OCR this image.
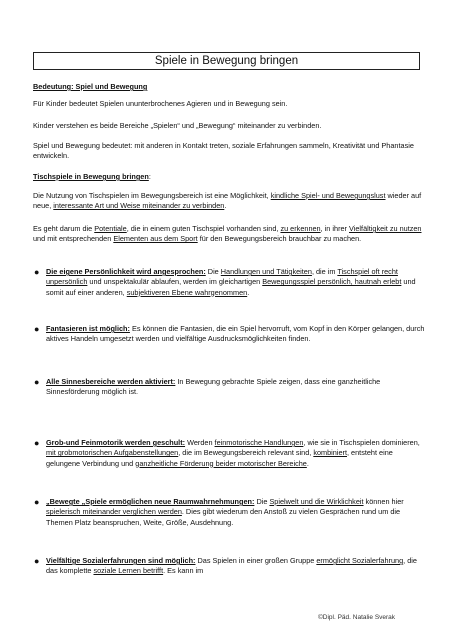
Spiele in Bewegung bringen
Bedeutung: Spiel und Bewegung
Für Kinder bedeutet Spielen ununterbrochenes Agieren und in Bewegung sein.
Kinder verstehen es beide Bereiche „Spielen“ und „Bewegung“ miteinander zu verbinden.
Spiel und Bewegung bedeutet: mit anderen in Kontakt treten, soziale Erfahrungen sammeln, Kreativität und Phantasie entwickeln.
Tischspiele in Bewegung bringen:
Die Nutzung von Tischspielen im Bewegungsbereich ist eine Möglichkeit, kindliche Spiel- und Bewegungslust wieder auf neue, interessante Art und Weise miteinander zu verbinden.
Es geht darum die Potentiale, die in einem guten Tischspiel vorhanden sind, zu erkennen, in ihrer Vielfältigkeit zu nutzen und mit entsprechenden Elementen aus dem Sport für den Bewegungsbereich brauchbar zu machen.
● Die eigene Persönlichkeit wird angesprochen: Die Handlungen und Tätigkeiten, die im Tischspiel oft recht unpersönlich und unspektakulär ablaufen, werden im gleichartigen Bewegungsspiel persönlich, hautnah erlebt und somit auf einer anderen, subjektiveren Ebene wahrgenommen.
● Fantasieren ist möglich: Es können die Fantasien, die ein Spiel hervorruft, vom Kopf in den Körper gelangen, durch aktives Handeln umgesetzt werden und vielfältige Ausdrucksmöglichkeiten finden.
● Alle Sinnesbereiche werden aktiviert: In Bewegung gebrachte Spiele zeigen, dass eine ganzheitliche Sinnesförderung möglich ist.
● Grob-und Feinmotorik werden geschult: Werden feinmotorische Handlungen, wie sie in Tischspielen dominieren, mit grobmotorischen Aufgabenstellungen, die im Bewegungsbereich relevant sind, kombiniert, entsteht eine gelungene Verbindung und ganzheitliche Förderung beider motorischer Bereiche.
● „Bewegte „Spiele ermöglichen neue Raumwahrnehmungen: Die Spielwelt und die Wirklichkeit können hier spielerisch miteinander verglichen werden. Dies gibt wiederum den Anstoß zu vielen Gesprächen rund um die Themen Platz beanspruchen, Weite, Größe, Ausdehnung.
● Vielfältige Sozialerfahrungen sind möglich: Das Spielen in einer großen Gruppe ermöglicht Sozialerfahrung, die das komplette soziale Lernen betrifft. Es kann im
©Dipl. Päd. Natalie Sverak
